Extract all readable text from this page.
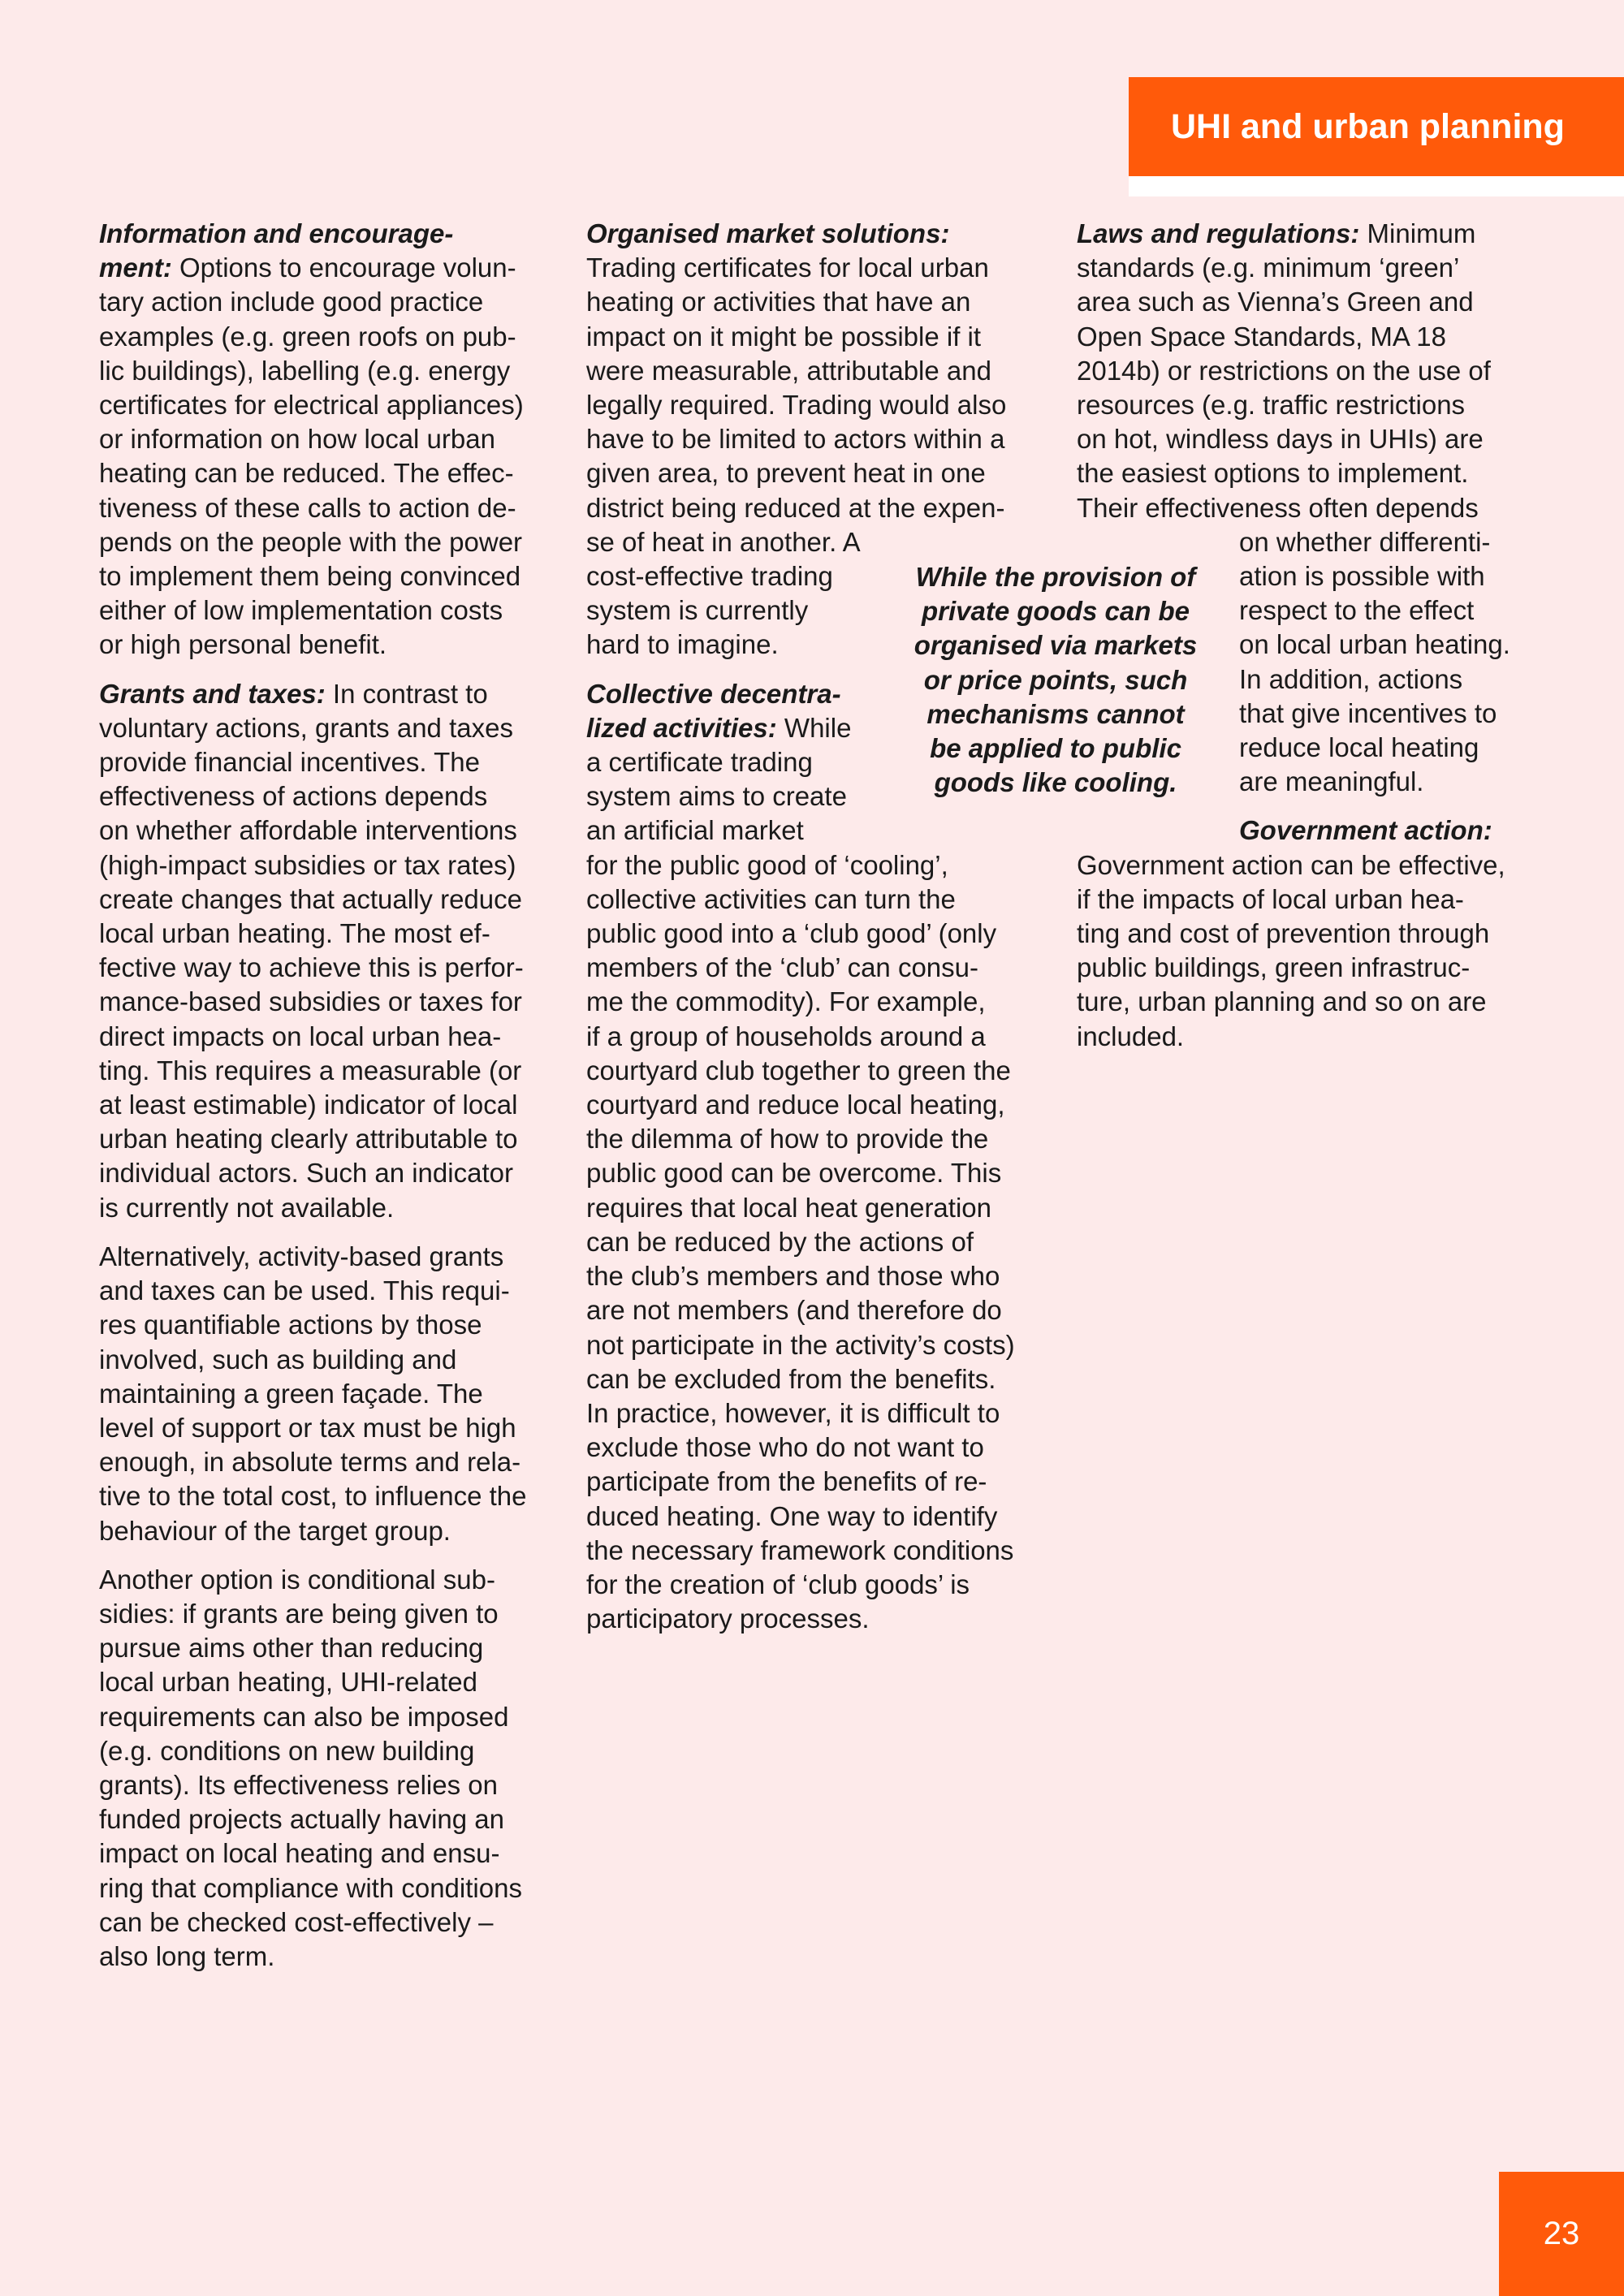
UHI and urban planning

Information and encourage-
ment: Options to encourage volun-
tary action include good practice
examples (e.g. green roofs on pub-
lic buildings), labelling (e.g. energy
certificates for electrical appliances)
or information on how local urban
heating can be reduced. The effec-
tiveness of these calls to action de-
pends on the people with the power
to implement them being convinced
either of low implementation costs
or high personal benefit.

Grants and taxes: In contrast to
voluntary actions, grants and taxes
provide financial incentives. The
effectiveness of actions depends
on whether affordable interventions
(high-impact subsidies or tax rates)
create changes that actually reduce
local urban heating. The most ef-
fective way to achieve this is perfor-
mance-based subsidies or taxes for
direct impacts on local urban hea-
ting. This requires a measurable (or
at least estimable) indicator of local
urban heating clearly attributable to
individual actors. Such an indicator
is currently not available.

Alternatively, activity-based grants
and taxes can be used. This requi-
res quantifiable actions by those
involved, such as building and
maintaining a green façade. The
level of support or tax must be high
enough, in absolute terms and rela-
tive to the total cost, to influence the
behaviour of the target group.

Another option is conditional sub-
sidies: if grants are being given to
pursue aims other than reducing
local urban heating, UHI-related
requirements can also be imposed
(e.g. conditions on new building
grants). Its effectiveness relies on
funded projects actually having an
impact on local heating and ensu-
ring that compliance with conditions
can be checked cost-effectively –
also long term.

Organised market solutions:
Trading certificates for local urban
heating or activities that have an
impact on it might be possible if it
were measurable, attributable and
legally required. Trading would also
have to be limited to actors within a
given area, to prevent heat in one
district being reduced at the expen-
se of heat in another. A
cost-effective trading
system is currently
hard to imagine.

Collective decentra-
lized activities: While
a certificate trading
system aims to create
an artificial market
for the public good of ‘cooling’,
collective activities can turn the
public good into a ‘club good’ (only
members of the ‘club’ can consu-
me the commodity). For example,
if a group of households around a
courtyard club together to green the
courtyard and reduce local heating,
the dilemma of how to provide the
public good can be overcome. This
requires that local heat generation
can be reduced by the actions of
the club’s members and those who
are not members (and therefore do
not participate in the activity’s costs)
can be excluded from the benefits.
In practice, however, it is difficult to
exclude those who do not want to
participate from the benefits of re-
duced heating. One way to identify
the necessary framework conditions
for the creation of ‘club goods’ is
participatory processes.

While the provision of
private goods can be
organised via markets
or price points, such
mechanisms cannot
be applied to public
goods like cooling.

Laws and regulations: Minimum
standards (e.g. minimum ‘green’
area such as Vienna’s Green and
Open Space Standards, MA 18
2014b) or restrictions on the use of
resources (e.g. traffic restrictions
on hot, windless days in UHIs) are
the easiest options to implement.
Their effectiveness often depends
on whether differenti-
ation is possible with
respect to the effect
on local urban heating.
In addition, actions
that give incentives to
reduce local heating
are meaningful.

Government action:
Government action can be effective,
if the impacts of local urban hea-
ting and cost of prevention through
public buildings, green infrastruc-
ture, urban planning and so on are
included.

23
